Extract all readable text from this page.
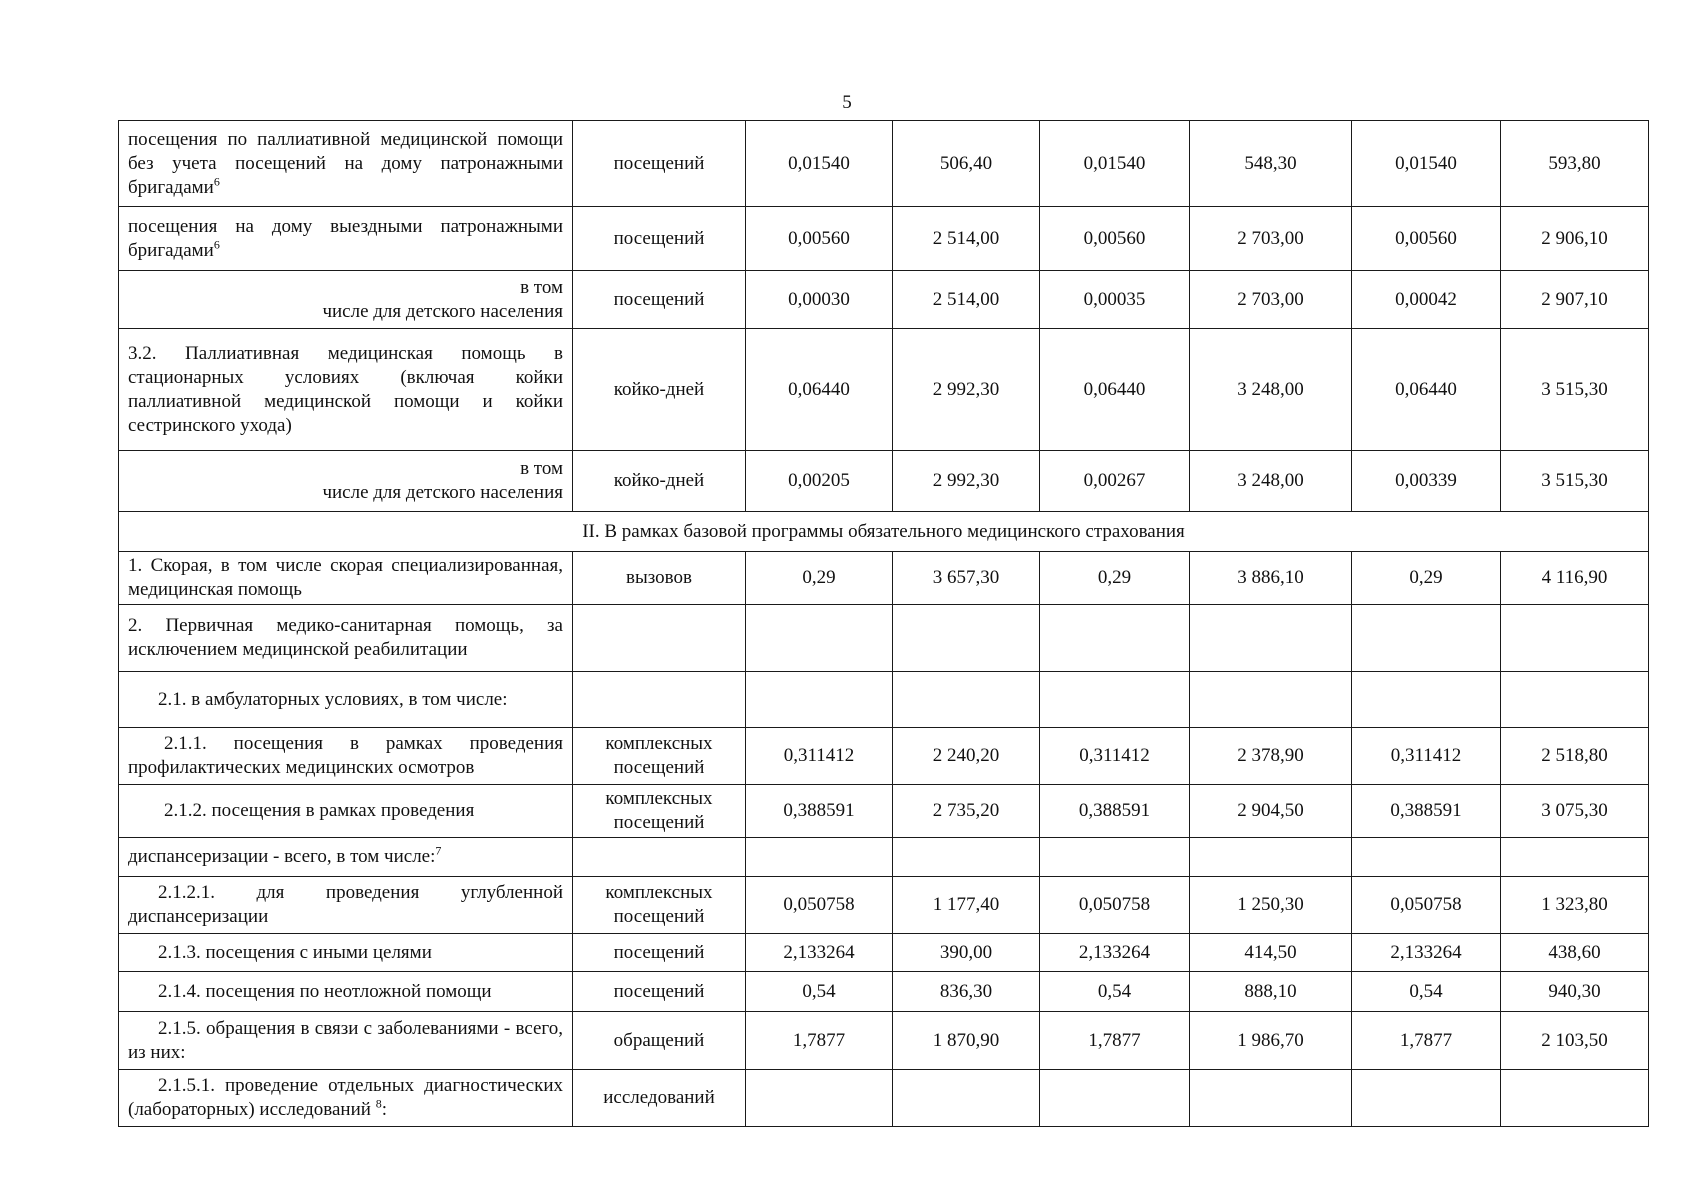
5
посещения по паллиативной медицинской помощи без учета посещений на дому патронажными бригадами$^6$	посещений	0,01540	506,40	0,01540	548,30	0,01540	593,80
посещения на дому выездными патронажными бригадами$^6$	посещений	0,00560	2 514,00	0,00560	2 703,00	0,00560	2 906,10

в том
числе для детского населения	посещений	0,00030	2 514,00	0,00035	2 703,00	0,00042	2 907,10
3.2. Паллиативная медицинская помощь в стационарных условиях (включая койки паллиативной медицинской помощи и койки сестринского ухода)	койко-дней	0,06440	2 992,30	0,06440	3 248,00	0,06440	3 515,30

в том
числе для детского населения	койко-дней	0,00205	2 992,30	0,00267	3 248,00	0,00339	3 515,30
II. В рамках базовой программы обязательного медицинского страхования							
1. Скорая, в том числе скорая специализированная, медицинская помощь	вызовов	0,29	3 657,30	0,29	3 886,10	0,29	4 116,90
2. Первичная медико-санитарная помощь, за исключением медицинской реабилитации							
2.1. в амбулаторных условиях, в том числе:							
2.1.1. посещения в рамках проведения профилактических медицинских осмотров	комплексных посещений	0,311412	2 240,20	0,311412	2 378,90	0,311412	2 518,80
2.1.2. посещения в рамках проведения	комплексных посещений	0,388591	2 735,20	0,388591	2 904,50	0,388591	3 075,30
диспансеризации - всего, в том числе:$^7$							
2.1.2.1. для проведения углубленной диспансеризации	комплексных посещений	0,050758	1 177,40	0,050758	1 250,30	0,050758	1 323,80
2.1.3. посещения с иными целями	посещений	2,133264	390,00	2,133264	414,50	2,133264	438,60
2.1.4. посещения по неотложной помощи	посещений	0,54	836,30	0,54	888,10	0,54	940,30
2.1.5. обращения в связи с заболеваниями - всего, из них:	обращений	1,7877	1 870,90	1,7877	1 986,70	1,7877	2 103,50
2.1.5.1. проведение отдельных диагностических (лабораторных) исследований $^8$:	исследований						
